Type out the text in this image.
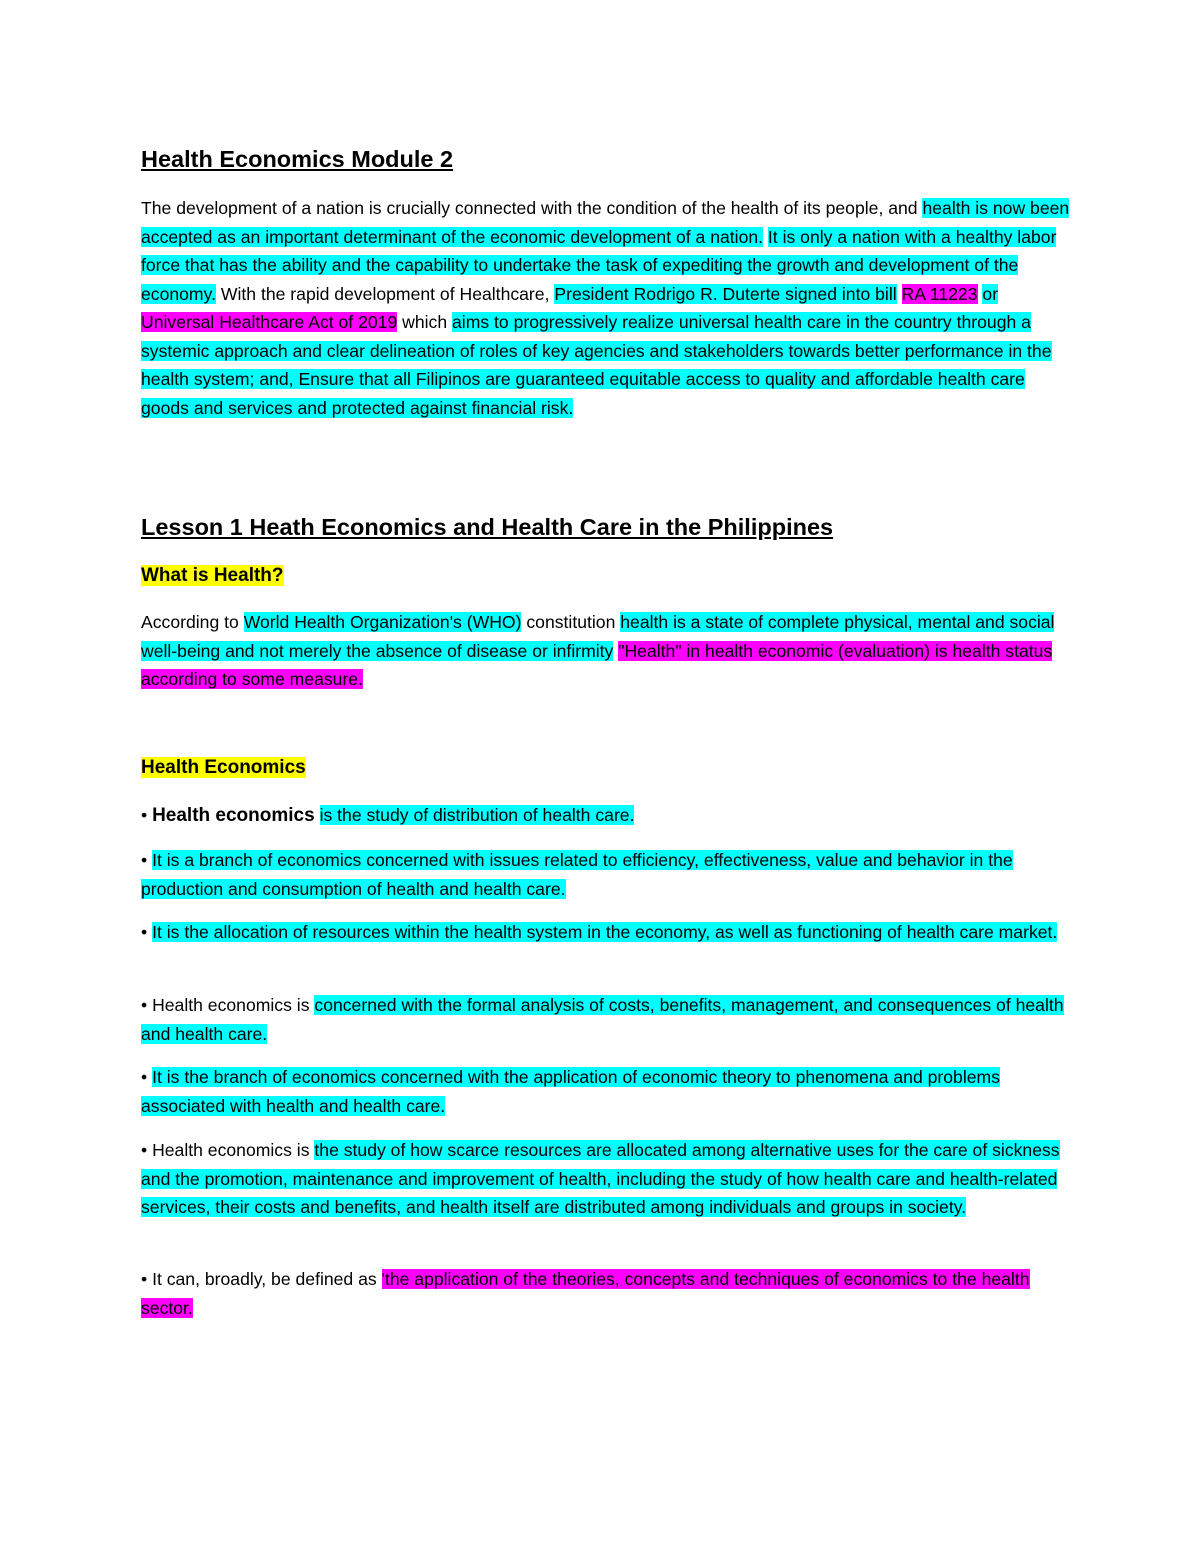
Health Economics Module 2
The development of a nation is crucially connected with the condition of the health of its people, and health is now been accepted as an important determinant of the economic development of a nation. It is only a nation with a healthy labor force that has the ability and the capability to undertake the task of expediting the growth and development of the economy. With the rapid development of Healthcare, President Rodrigo R. Duterte signed into bill RA 11223 or Universal Healthcare Act of 2019 which aims to progressively realize universal health care in the country through a systemic approach and clear delineation of roles of key agencies and stakeholders towards better performance in the health system; and, Ensure that all Filipinos are guaranteed equitable access to quality and affordable health care goods and services and protected against financial risk.
Lesson 1 Heath Economics and Health Care in the Philippines
What is Health?
According to World Health Organization's (WHO) constitution health is a state of complete physical, mental and social well-being and not merely the absence of disease or infirmity "Health" in health economic (evaluation) is health status according to some measure.
Health Economics
• Health economics is the study of distribution of health care.
• It is a branch of economics concerned with issues related to efficiency, effectiveness, value and behavior in the production and consumption of health and health care.
• It is the allocation of resources within the health system in the economy, as well as functioning of health care market.
• Health economics is concerned with the formal analysis of costs, benefits, management, and consequences of health and health care.
• It is the branch of economics concerned with the application of economic theory to phenomena and problems associated with health and health care.
• Health economics is the study of how scarce resources are allocated among alternative uses for the care of sickness and the promotion, maintenance and improvement of health, including the study of how health care and health-related services, their costs and benefits, and health itself are distributed among individuals and groups in society.
• It can, broadly, be defined as 'the application of the theories, concepts and techniques of economics to the health sector.
